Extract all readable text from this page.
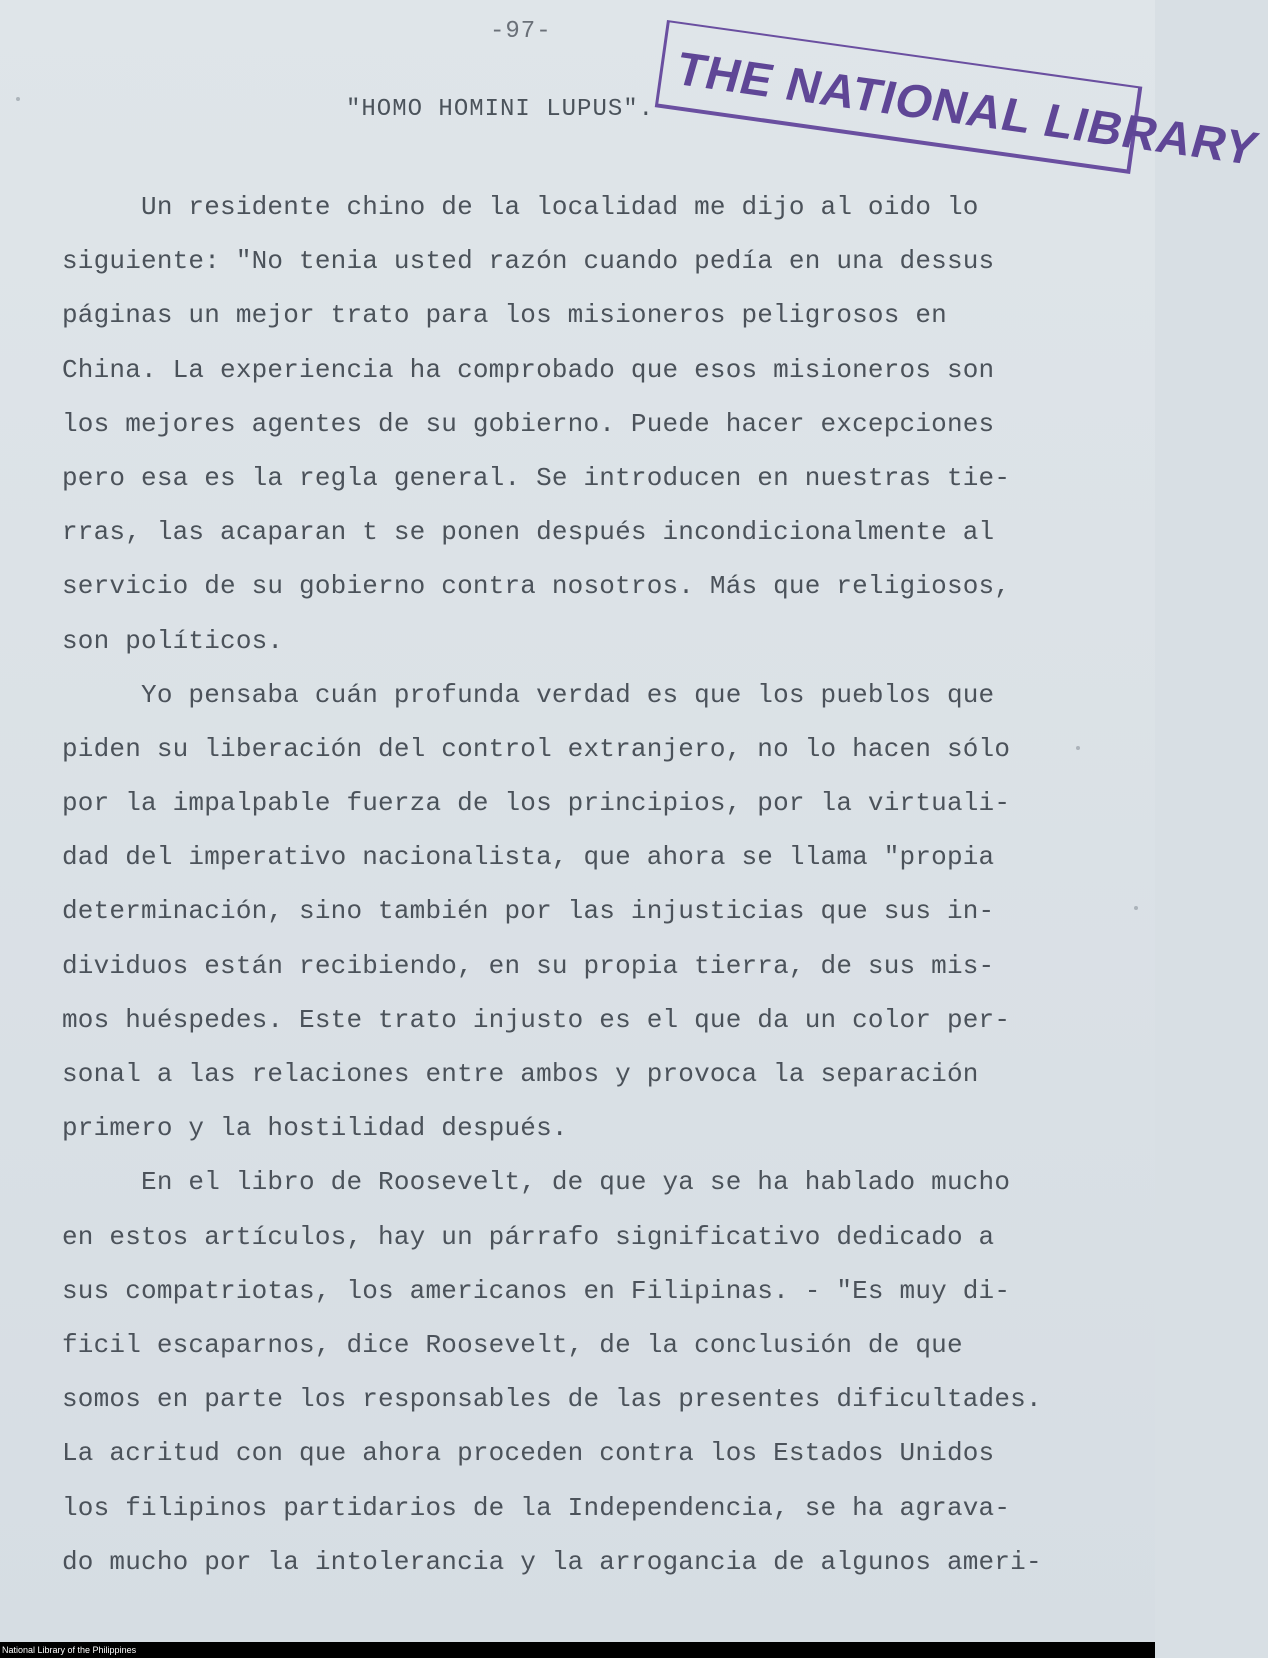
-97-
"HOMO HOMINI LUPUS". THE NATIONAL LIBRARY
Un residente chino de la localidad me dijo al oido lo
siguiente: "No tenia usted razón cuando pedía en una dessus
páginas un mejor trato para los misioneros peligrosos en
China. La experiencia ha comprobado que esos misioneros son
los mejores agentes de su gobierno. Puede hacer excepciones
pero esa es la regla general. Se introducen en nuestras tie-
rras, las acaparan t se ponen después incondicionalmente al
servicio de su gobierno contra nosotros. Más que religiosos,
son políticos.
Yo pensaba cuán profunda verdad es que los pueblos que
piden su liberación del control extranjero, no lo hacen sólo
por la impalpable fuerza de los principios, por la virtuali-
dad del imperativo nacionalista, que ahora se llama "propia
determinación, sino también por las injusticias que sus in-
dividuos están recibiendo, en su propia tierra, de sus mis-
mos huéspedes. Este trato injusto es el que da un color per-
sonal a las relaciones entre ambos y provoca la separación
primero y la hostilidad después.
En el libro de Roosevelt, de que ya se ha hablado mucho
en estos artículos, hay un párrafo significativo dedicado a
sus compatriotas, los americanos en Filipinas. - "Es muy di-
ficil escaparnos, dice Roosevelt, de la conclusión de que
somos en parte los responsables de las presentes dificultades.
La acritud con que ahora proceden contra los Estados Unidos
los filipinos partidarios de la Independencia, se ha agrava-
do mucho por la intolerancia y la arrogancia de algunos ameri-
National Library of the Philippines
